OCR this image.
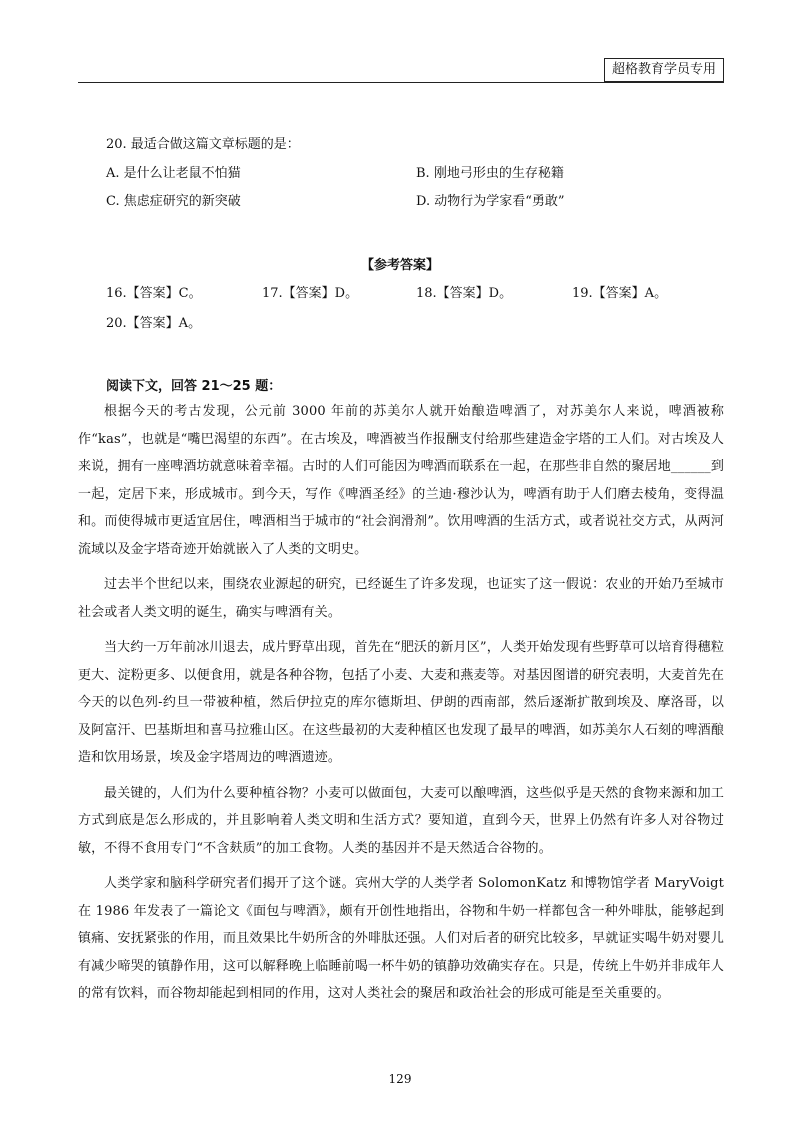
超格教育学员专用
20. 最适合做这篇文章标题的是：
A. 是什么让老鼠不怕猫	B. 刚地弓形虫的生存秘籍
C. 焦虑症研究的新突破	D. 动物行为学家看“勇敢”
【参考答案】
16.【答案】C。	17.【答案】D。	18.【答案】D。	19.【答案】A。
20.【答案】A。
阅读下文，回答 21～25 题：

根据今天的考古发现，公元前 3000 年前的苏美尔人就开始酿造啤酒了，对苏美尔人来说，啤酒被称作“kas”，也就是“嘴巴渴望的东西”。在古埃及，啤酒被当作报酬支付给那些建造金字塔的工人们。对古埃及人来说，拥有一座啤酒坊就意味着幸福。古时的人们可能因为啤酒而联系在一起，在那些非自然的聚居地______到一起，定居下来，形成城市。到今天，写作《啤酒圣经》的兰迪·穆沙认为，啤酒有助于人们磨去棱角，变得温和。而使得城市更适宜居住，啤酒相当于城市的“社会润滑剂”。饮用啤酒的生活方式，或者说社交方式，从两河流域以及金字塔奇迹开始就嵌入了人类的文明史。

过去半个世纪以来，围绕农业源起的研究，已经诞生了许多发现，也证实了这一假说：农业的开始乃至城市社会或者人类文明的诞生，确实与啤酒有关。

当大约一万年前冰川退去，成片野草出现，首先在“肥沃的新月区”，人类开始发现有些野草可以培育得穗粒更大、淀粉更多、以便食用，就是各种谷物，包括了小麦、大麦和燕麦等。对基因图谱的研究表明，大麦首先在今天的以色列-约旦一带被种植，然后伊拉克的库尔德斯坦、伊朗的西南部，然后逐渐扩散到埃及、摩洛哥，以及阿富汗、巴基斯坦和喜马拉雅山区。在这些最初的大麦种植区也发现了最早的啤酒，如苏美尔人石刻的啤酒酿造和饮用场景，埃及金字塔周边的啤酒遗迹。

最关键的，人们为什么要种植谷物？小麦可以做面包，大麦可以酿啤酒，这些似乎是天然的食物来源和加工方式到底是怎么形成的，并且影响着人类文明和生活方式？要知道，直到今天，世界上仍然有许多人对谷物过敏，不得不食用专门“不含麸质”的加工食物。人类的基因并不是天然适合谷物的。

人类学家和脑科学研究者们揭开了这个谜。宾州大学的人类学者 SolomonKatz 和博物馆学者 MaryVoigt 在 1986 年发表了一篇论文《面包与啤酒》，颇有开创性地指出，谷物和牛奶一样都包含一种外啡肽，能够起到镇痛、安抚紧张的作用，而且效果比牛奶所含的外啡肽还强。人们对后者的研究比较多，早就证实喝牛奶对婴儿有减少啼哭的镇静作用，这可以解释晚上临睡前喝一杯牛奶的镇静功效确实存在。只是，传统上牛奶并非成年人的常有饮料，而谷物却能起到相同的作用，这对人类社会的聚居和政治社会的形成可能是至关重要的。

129
